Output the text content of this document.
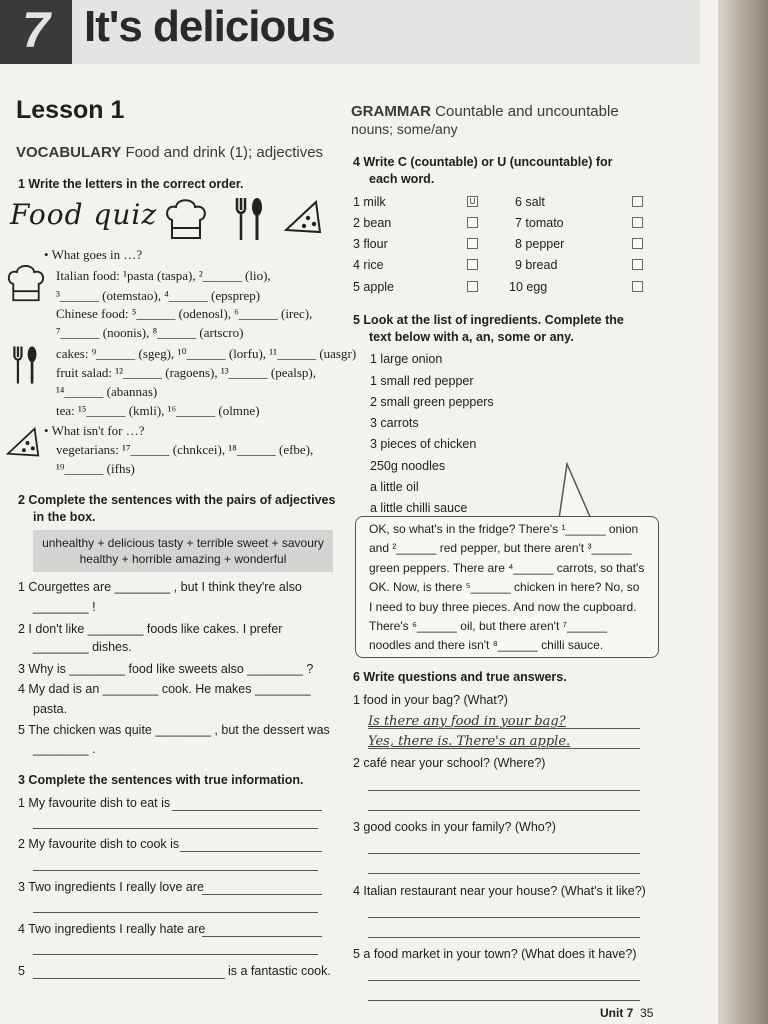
7 It's delicious
Lesson 1
VOCABULARY Food and drink (1); adjectives
1 Write the letters in the correct order.
Food quiz
• What goes in …?
Italian food: ¹pasta (taspa), ²______ (lio),
³______ (otemstao), ⁴______ (epsprep)
Chinese food: ⁵______ (odenosl), ⁶______ (irec),
⁷______ (noonis), ⁸______ (artscro)
cakes: ⁹______ (sgeg), ¹⁰______ (lorfu), ¹¹______ (uasgr)
fruit salad: ¹²______ (ragoens), ¹³______ (pealsp),
¹⁴______ (abannas)
tea: ¹⁵______ (kmli), ¹⁶______ (olmne)
• What isn't for …?
vegetarians: ¹⁷______ (chnkcei), ¹⁸______ (efbe),
¹⁹______ (ifhs)
2 Complete the sentences with the pairs of adjectives
in the box.
unhealthy + delicious tasty + terrible sweet + savoury
healthy + horrible amazing + wonderful
1 Courgettes are ________ , but I think they're also
________ !
2 I don't like ________ foods like cakes. I prefer
________ dishes.
3 Why is ________ food like sweets also ________ ?
4 My dad is an ________ cook. He makes ________
pasta.
5 The chicken was quite ________ , but the dessert was
________ .
3 Complete the sentences with true information.
1 My favourite dish to eat is
2 My favourite dish to cook is
3 Two ingredients I really love are
4 Two ingredients I really hate are
5	is a fantastic cook.
GRAMMAR Countable and uncountable
nouns; some/any
4 Write C (countable) or U (uncountable) for
each word.
1 milk
2 bean
3 flour
4 rice
5 apple
U	6 salt
7 tomato
8 pepper
9 bread
10 egg
5 Look at the list of ingredients. Complete the
text below with a, an, some or any.
1 large onion
1 small red pepper
2 small green peppers
3 carrots
3 pieces of chicken
250g noodles
a little oil
a little chilli sauce
OK, so what's in the fridge? There's ¹______ onion
and ²______ red pepper, but there aren't ³______
green peppers. There are ⁴______ carrots, so that's
OK. Now, is there ⁵______ chicken in here? No, so
I need to buy three pieces. And now the cupboard.
There's ⁶______ oil, but there aren't ⁷______
noodles and there isn't ⁸______ chilli sauce.
6 Write questions and true answers.
1 food in your bag? (What?)
Is there any food in your bag?
Yes, there is. There's an apple.
2 café near your school? (Where?)
3 good cooks in your family? (Who?)
4 Italian restaurant near your house? (What's it like?)
5 a food market in your town? (What does it have?)
Unit 7 35
